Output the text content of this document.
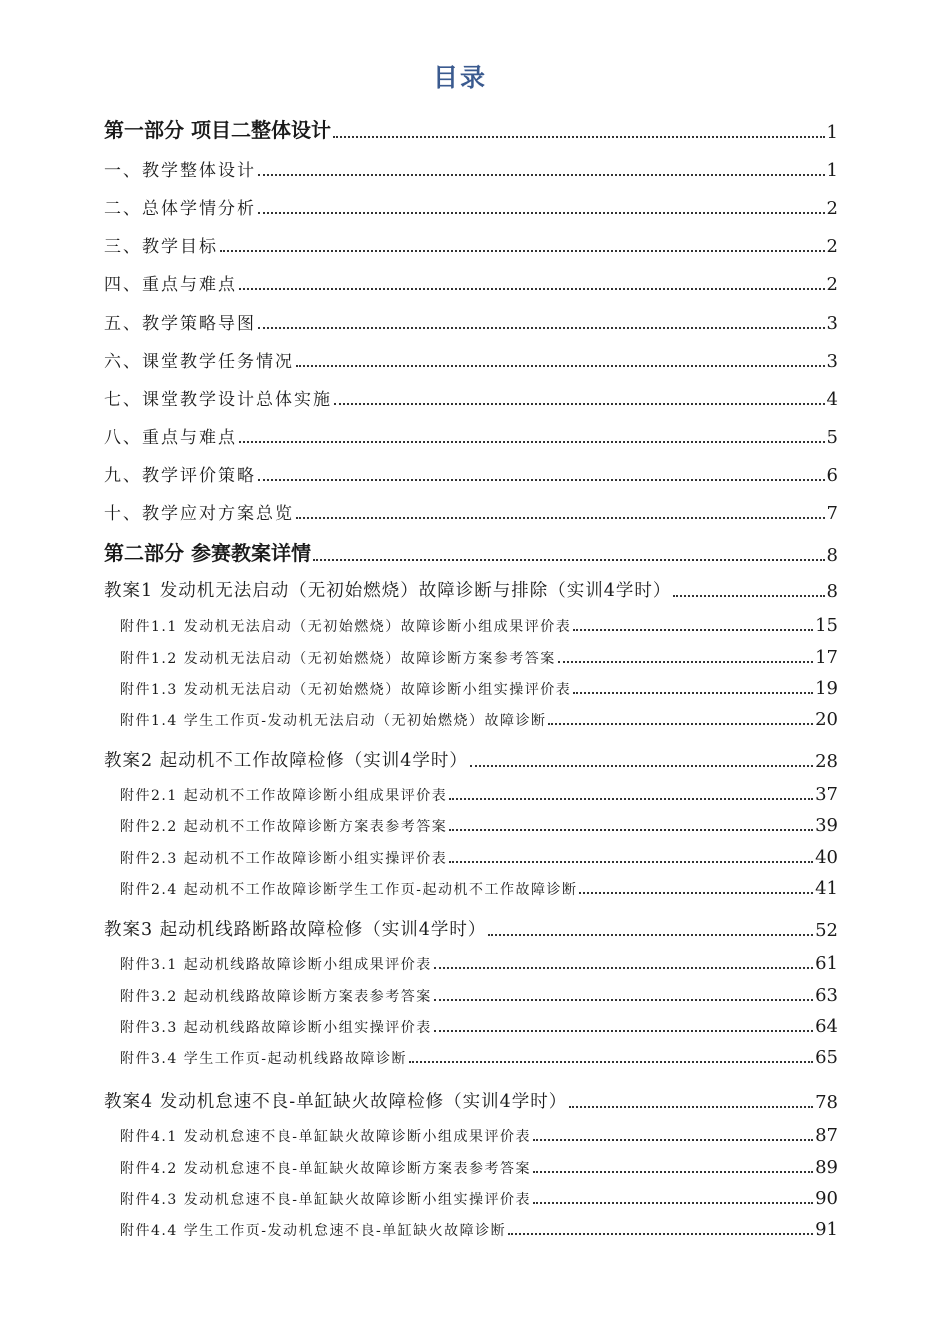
目录
第一部分 项目二整体设计	1
一、教学整体设计	1
二、总体学情分析	2
三、教学目标	2
四、重点与难点	2
五、教学策略导图	3
六、课堂教学任务情况	3
七、课堂教学设计总体实施	4
八、重点与难点	5
九、教学评价策略	6
十、教学应对方案总览	7
第二部分 参赛教案详情	8
教案1 发动机无法启动（无初始燃烧）故障诊断与排除（实训4学时）	8
附件1.1 发动机无法启动（无初始燃烧）故障诊断小组成果评价表	15
附件1.2 发动机无法启动（无初始燃烧）故障诊断方案参考答案	17
附件1.3 发动机无法启动（无初始燃烧）故障诊断小组实操评价表	19
附件1.4 学生工作页-发动机无法启动（无初始燃烧）故障诊断	20
教案2 起动机不工作故障检修（实训4学时）	28
附件2.1 起动机不工作故障诊断小组成果评价表	37
附件2.2 起动机不工作故障诊断方案表参考答案	39
附件2.3 起动机不工作故障诊断小组实操评价表	40
附件2.4 起动机不工作故障诊断学生工作页-起动机不工作故障诊断	41
教案3 起动机线路断路故障检修（实训4学时）	52
附件3.1 起动机线路故障诊断小组成果评价表	61
附件3.2 起动机线路故障诊断方案表参考答案	63
附件3.3 起动机线路故障诊断小组实操评价表	64
附件3.4 学生工作页-起动机线路故障诊断	65
教案4 发动机怠速不良-单缸缺火故障检修（实训4学时）	78
附件4.1 发动机怠速不良-单缸缺火故障诊断小组成果评价表	87
附件4.2 发动机怠速不良-单缸缺火故障诊断方案表参考答案	89
附件4.3 发动机怠速不良-单缸缺火故障诊断小组实操评价表	90
附件4.4 学生工作页-发动机怠速不良-单缸缺火故障诊断	91
